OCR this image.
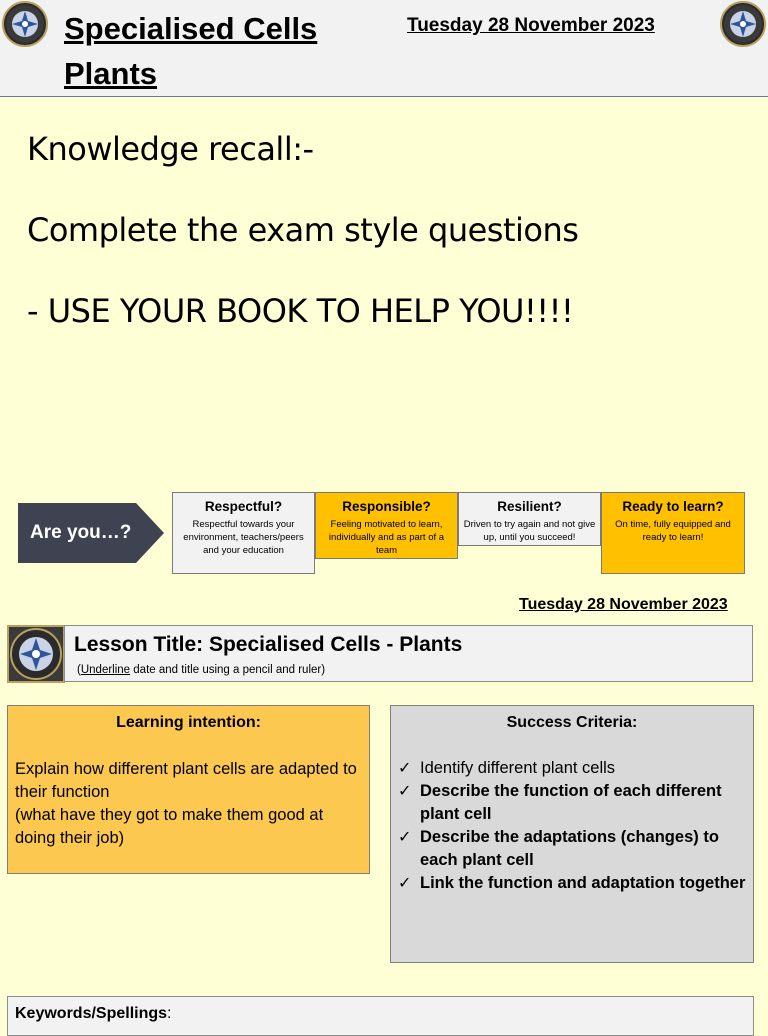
Specialised Cells
Plants
Tuesday 28 November 2023
Knowledge recall:-
Complete the exam style questions
- USE YOUR BOOK TO HELP YOU!!!!
Are you…?
Respectful?
Respectful towards your environment, teachers/peers and your education
Responsible?
Feeling motivated to learn, individually and as part of a team
Resilient?
Driven to try again and not give up, until you succeed!
Ready to learn?
On time, fully equipped and ready to learn!
Tuesday 28 November 2023
Lesson Title: Specialised Cells - Plants
(Underline date and title using a pencil and ruler)
Learning intention:
Explain how different plant cells are adapted to their function
(what have they got to make them good at doing their job)
Success Criteria:
✓ Identify different plant cells
✓ Describe the function of each different plant cell
✓ Describe the adaptations (changes) to each plant cell
✓ Link the function and adaptation together
Keywords/Spellings:
